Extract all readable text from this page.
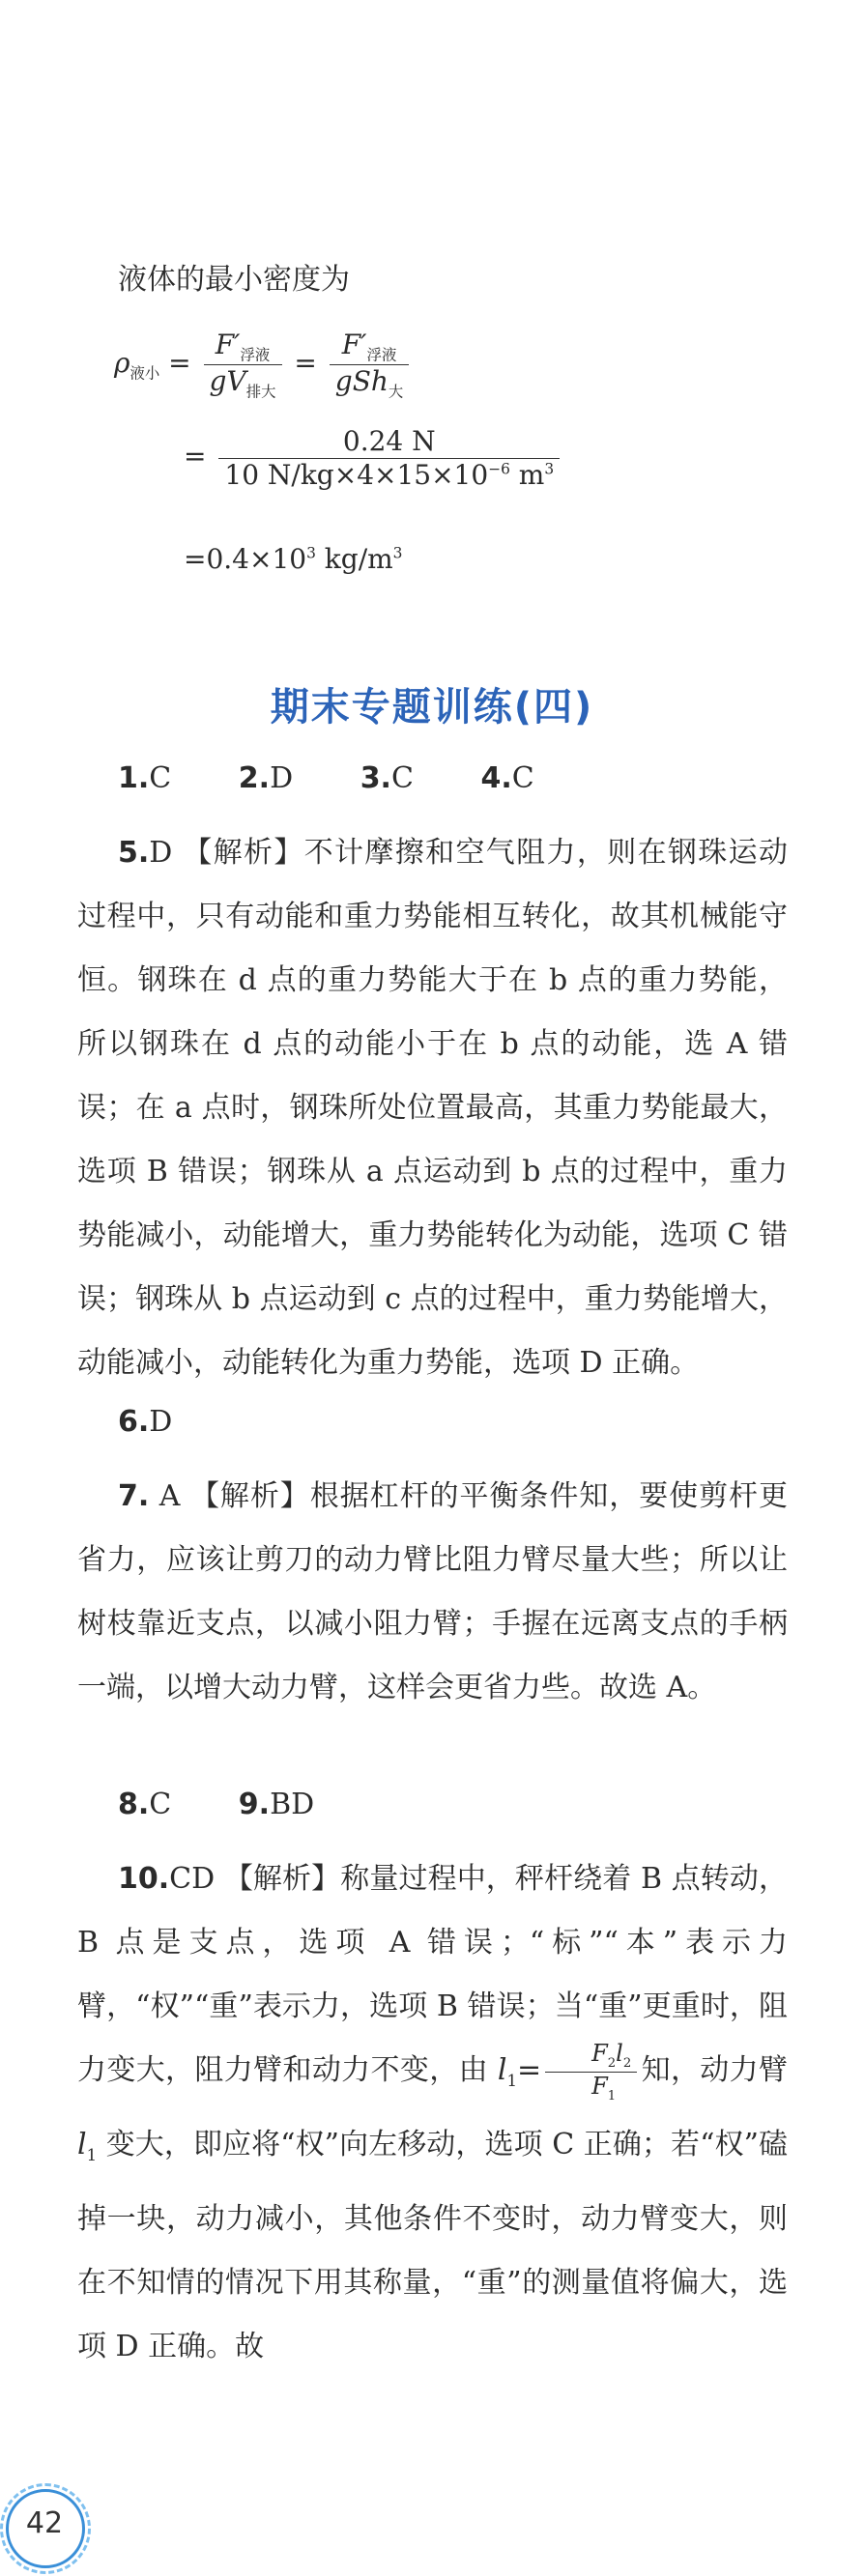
液体的最小密度为
$\rho_{液小} = \frac{F'_{浮液}}{gV_{排大}} = \frac{F'_{浮液}}{gSh_大}$
= $\frac{0.24 N}{10 N/kg\times 4\times 15\times 10^{-6} m^3}$
$=0.4\times 10^3$ $kg/m^3$
期末专题训练(四)
1.C 2.D 3.C 4.C
5.D 【解析】不计摩擦和空气阻力，则在钢珠运动过程中，只有动能和重力势能相互转化，故其机械能守恒。钢珠在 d 点的重力势能大于在 b 点的重力势能，所以钢珠在 d 点的动能小于在 b 点的动能，选 A 错误；在 a 点时，钢珠所处位置最高，其重力势能最大，选项 B 错误；钢珠从 a 点运动到 b 点的过程中，重力势能减小，动能增大，重力势能转化为动能，选项 C 错误；钢珠从 b 点运动到 c 点的过程中，重力势能增大，动能减小，动能转化为重力势能，选项 D 正确。
6.D
7. A 【解析】根据杠杆的平衡条件知，要使剪杆更省力，应该让剪刀的动力臂比阻力臂尽量大些；所以让树枝靠近支点，以减小阻力臂；手握在远离支点的手柄一端，以增大动力臂，这样会更省力些。故选 A。
8.C 9.BD
10.CD 【解析】称量过程中，秤杆绕着 B 点转动，B 点是支点，选项 A 错误；“标”“本”表示力臂，“权”“重”表示力，选项 B 错误；当“重”更重时，阻力变大，阻力臂和动力不变，由 $l_1= \frac{F_2l_2}{F_1}$ 知，动力臂 $l_1$ 变大，即应将“权”向左移动，选项 C 正确；若“权”磕掉一块，动力减小，其他条件不变时，动力臂变大，则在不知情的情况下用其称量，“重”的测量值将偏大，选项 D 正确。故
42
